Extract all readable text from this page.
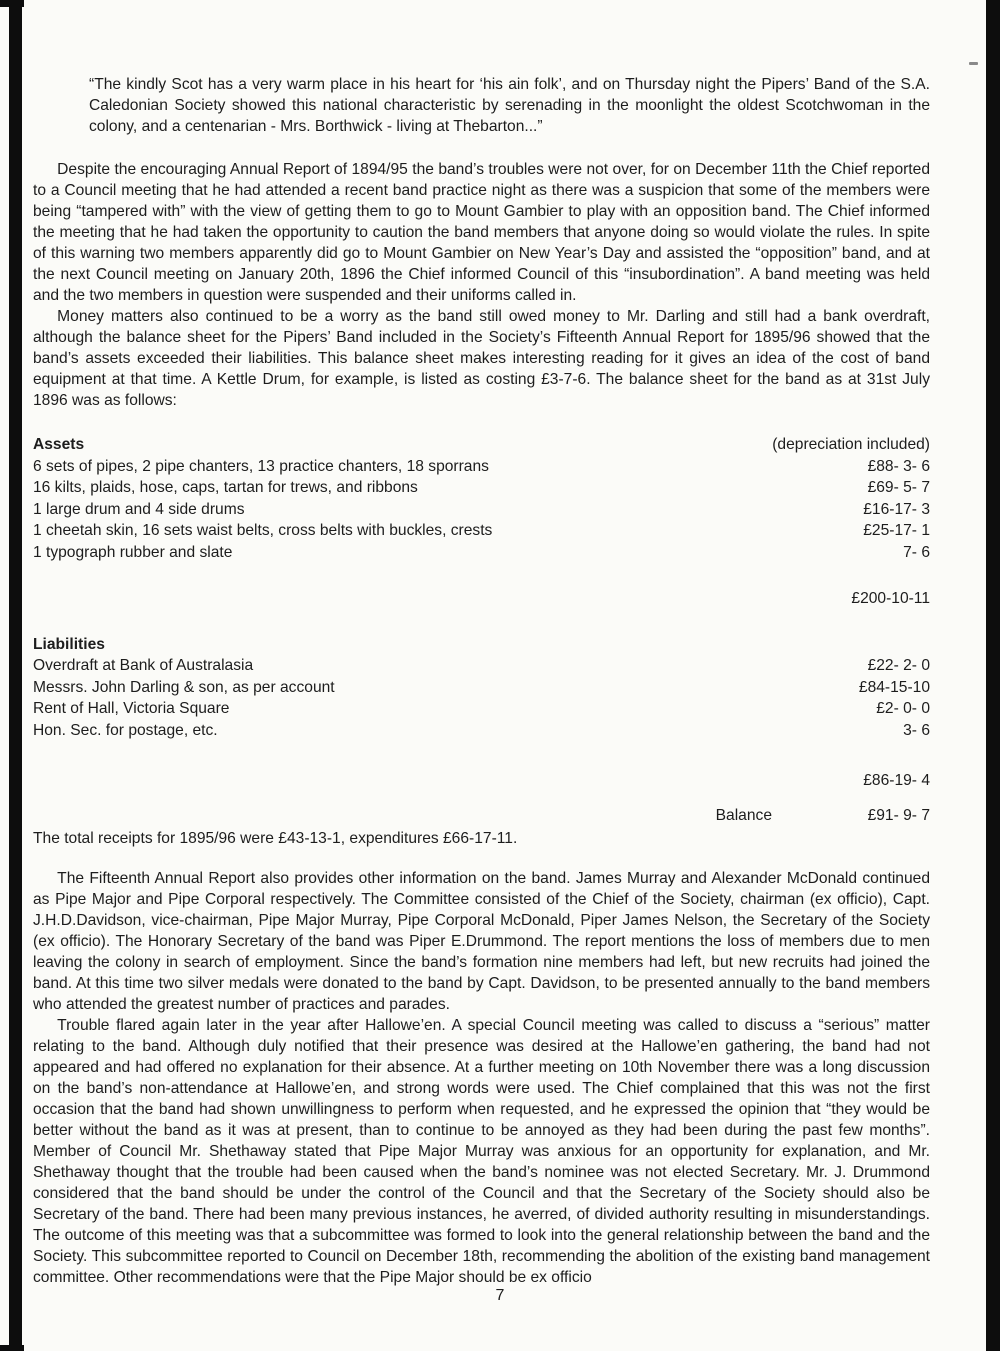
“The kindly Scot has a very warm place in his heart for ‘his ain folk’, and on Thursday night the Pipers’ Band of the S.A. Caledonian Society showed this national characteristic by serenading in the moonlight the oldest Scotchwoman in the colony, and a centenarian - Mrs. Borthwick - living at Thebarton...”

Despite the encouraging Annual Report of 1894/95 the band’s troubles were not over, for on December 11th the Chief reported to a Council meeting that he had attended a recent band practice night as there was a suspicion that some of the members were being “tampered with” with the view of getting them to go to Mount Gambier to play with an opposition band. The Chief informed the meeting that he had taken the opportunity to caution the band members that anyone doing so would violate the rules. In spite of this warning two members apparently did go to Mount Gambier on New Year’s Day and assisted the “opposition” band, and at the next Council meeting on January 20th, 1896 the Chief informed Council of this “insubordination”. A band meeting was held and the two members in question were suspended and their uniforms called in.

Money matters also continued to be a worry as the band still owed money to Mr. Darling and still had a bank overdraft, although the balance sheet for the Pipers’ Band included in the Society’s Fifteenth Annual Report for 1895/96 showed that the band’s assets exceeded their liabilities. This balance sheet makes interesting reading for it gives an idea of the cost of band equipment at that time. A Kettle Drum, for example, is listed as costing £3-7-6. The balance sheet for the band as at 31st July 1896 was as follows:

Assets	(depreciation included)
6 sets of pipes, 2 pipe chanters, 13 practice chanters, 18 sporrans	£88- 3- 6
16 kilts, plaids, hose, caps, tartan for trews, and ribbons	£69- 5- 7
1 large drum and 4 side drums	£16-17- 3
1 cheetah skin, 16 sets waist belts, cross belts with buckles, crests	£25-17- 1
1 typograph rubber and slate	7- 6
£200-10-11
Liabilities
Overdraft at Bank of Australasia	£22- 2- 0
Messrs. John Darling & son, as per account	£84-15-10
Rent of Hall, Victoria Square	£2- 0- 0
Hon. Sec. for postage, etc.	3- 6
£86-19- 4
Balance	£91- 9- 7
The total receipts for 1895/96 were £43-13-1, expenditures £66-17-11.

The Fifteenth Annual Report also provides other information on the band. James Murray and Alexander McDonald continued as Pipe Major and Pipe Corporal respectively. The Committee consisted of the Chief of the Society, chairman (ex officio), Capt. J.H.D.Davidson, vice-chairman, Pipe Major Murray, Pipe Corporal McDonald, Piper James Nelson, the Secretary of the Society (ex officio). The Honorary Secretary of the band was Piper E.Drummond. The report mentions the loss of members due to men leaving the colony in search of employment. Since the band’s formation nine members had left, but new recruits had joined the band. At this time two silver medals were donated to the band by Capt. Davidson, to be presented annually to the band members who attended the greatest number of practices and parades.

Trouble flared again later in the year after Hallowe’en. A special Council meeting was called to discuss a “serious” matter relating to the band. Although duly notified that their presence was desired at the Hallowe’en gathering, the band had not appeared and had offered no explanation for their absence. At a further meeting on 10th November there was a long discussion on the band’s non-attendance at Hallowe’en, and strong words were used. The Chief complained that this was not the first occasion that the band had shown unwillingness to perform when requested, and he expressed the opinion that “they would be better without the band as it was at present, than to continue to be annoyed as they had been during the past few months”. Member of Council Mr. Shethaway stated that Pipe Major Murray was anxious for an opportunity for explanation, and Mr. Shethaway thought that the trouble had been caused when the band’s nominee was not elected Secretary. Mr. J. Drummond considered that the band should be under the control of the Council and that the Secretary of the Society should also be Secretary of the band. There had been many previous instances, he averred, of divided authority resulting in misunderstandings. The outcome of this meeting was that a subcommittee was formed to look into the general relationship between the band and the Society. This subcommittee reported to Council on December 18th, recommending the abolition of the existing band management committee. Other recommendations were that the Pipe Major should be ex officio

7
